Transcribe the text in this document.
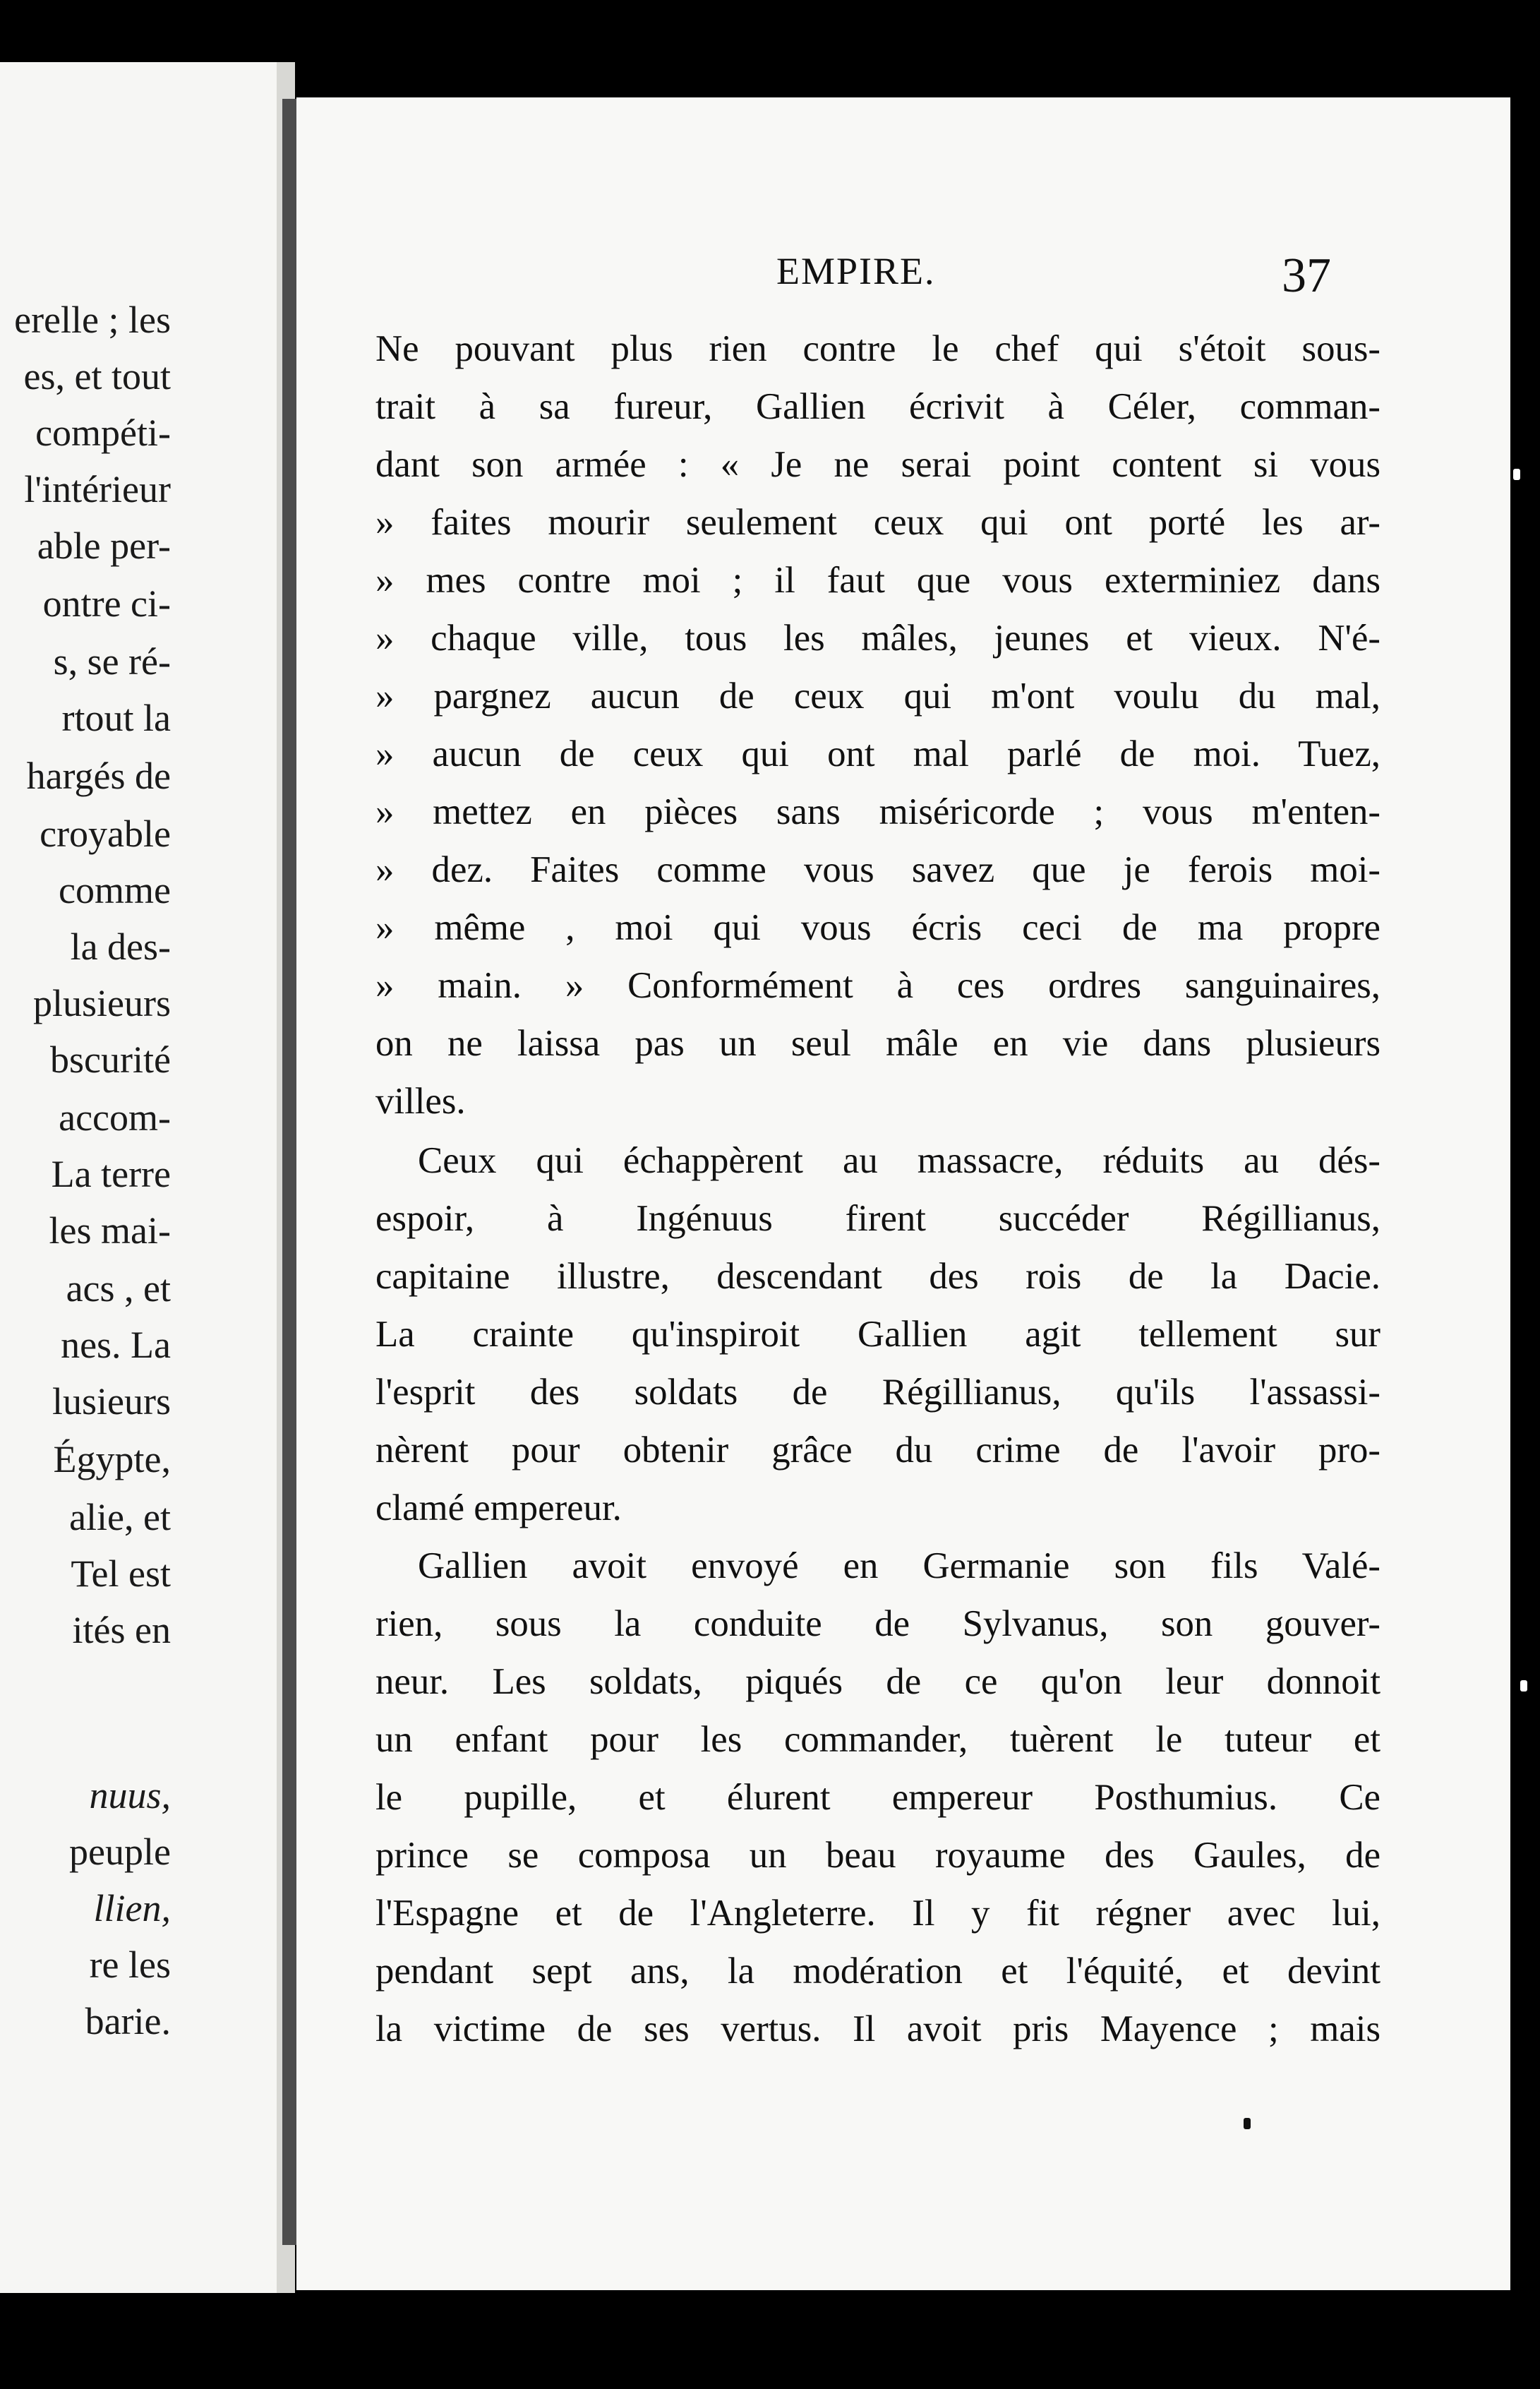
erelle ; les
es, et tout
compéti-
l'intérieur
able per-
ontre ci-
s, se ré-
rtout la
hargés de
croyable
comme
la des-
plusieurs
bscurité
accom-
La terre
les mai-
acs , et
nes. La
lusieurs
Égypte,
alie, et
Tel est
ités en
nuus,
peuple
llien,
re les
barie.
EMPIRE.	37
Ne pouvant plus rien contre le chef qui s'étoit sous-
trait à sa fureur, Gallien écrivit à Céler, comman-
dant son armée : « Je ne serai point content si vous
» faites mourir seulement ceux qui ont porté les ar-
» mes contre moi ; il faut que vous exterminiez dans
» chaque ville, tous les mâles, jeunes et vieux. N'é-
» pargnez aucun de ceux qui m'ont voulu du mal,
» aucun de ceux qui ont mal parlé de moi. Tuez,
» mettez en pièces sans miséricorde ; vous m'enten-
» dez. Faites comme vous savez que je ferois moi-
» même , moi qui vous écris ceci de ma propre
» main. » Conformément à ces ordres sanguinaires,
on ne laissa pas un seul mâle en vie dans plusieurs
villes.
Ceux qui échappèrent au massacre, réduits au dés-
espoir, à Ingénuus firent succéder Régillianus,
capitaine illustre, descendant des rois de la Dacie.
La crainte qu'inspiroit Gallien agit tellement sur
l'esprit des soldats de Régillianus, qu'ils l'assassi-
nèrent pour obtenir grâce du crime de l'avoir pro-
clamé empereur.
Gallien avoit envoyé en Germanie son fils Valé-
rien, sous la conduite de Sylvanus, son gouver-
neur. Les soldats, piqués de ce qu'on leur donnoit
un enfant pour les commander, tuèrent le tuteur et
le pupille, et élurent empereur Posthumius. Ce
prince se composa un beau royaume des Gaules, de
l'Espagne et de l'Angleterre. Il y fit régner avec lui,
pendant sept ans, la modération et l'équité, et devint
la victime de ses vertus. Il avoit pris Mayence ; mais
